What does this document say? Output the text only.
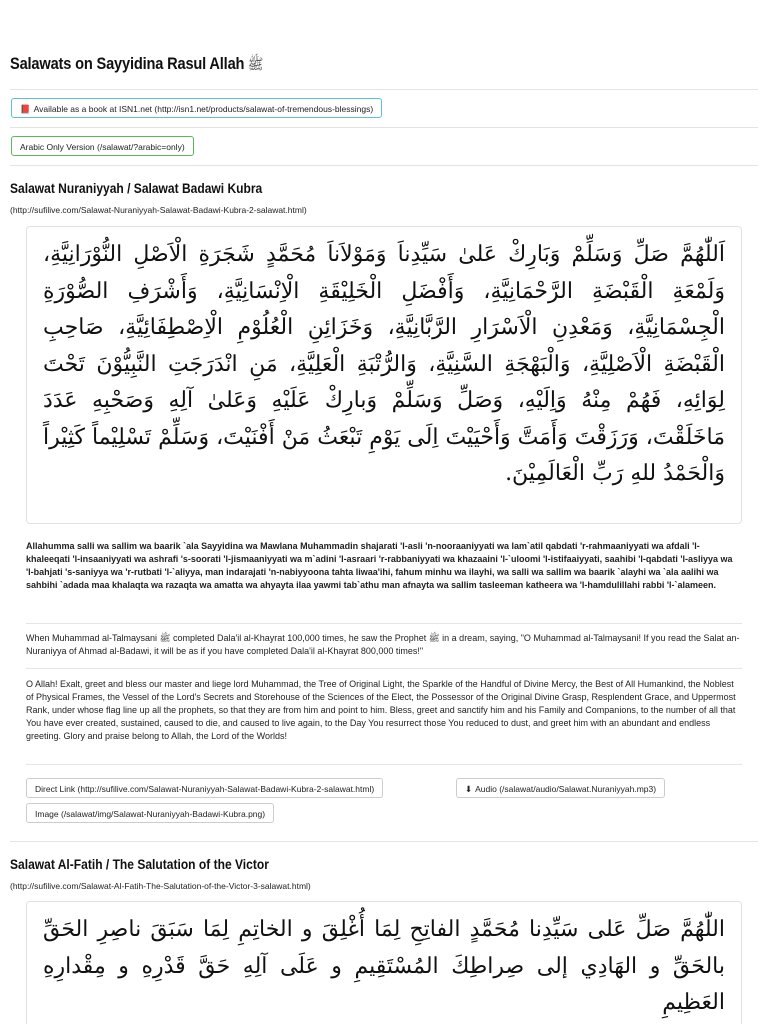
Salawats on Sayyidina Rasul Allah ﷺ
📕 Available as a book at ISN1.net (http://isn1.net/products/salawat-of-tremendous-blessings)
Arabic Only Version (/salawat/?arabic=only)
Salawat Nuraniyyah / Salawat Badawi Kubra
(http://sufilive.com/Salawat-Nuraniyyah-Salawat-Badawi-Kubra-2-salawat.html)
اَللّٰهُمَّ صَلِّ وَسَلِّمْ وَبَارِكْ عَلىٰ سَيِّدِناَ وَمَوْلاَناَ مُحَمَّدٍ شَجَرَةِ الْاَصْلِ النُّوْرَانِيَّةِ، وَلَمْعَةِ الْقَبْضَةِ الرَّحْمَانِيَّةِ، وَأَفْضَلِ الْخَلِيْقَةِ الْاِنْسَانِيَّةِ، وَأَشْرَفِ الصُّوْرَةِ الْجِسْمَانِيَّةِ، وَمَعْدِنِ الْاَسْرَارِ الرَّبَّانِيَّةِ، وَخَزَائِنِ الْعُلُوْمِ الْاِصْطِفَائِيَّةِ، صَاحِبِ الْقَبْضَةِ الْاَصْلِيَّةِ، وَالْبَهْجَةِ السَّنِيَّةِ، وَالرُّتْبَةِ الْعَلِيَّةِ، مَنِ انْدَرَجَتِ النَّبِيُّوْنَ تَحْتَ لِوَائِهِ، فَهُمْ مِنْهُ وَاِلَيْهِ، وَصَلِّ وَسَلِّمْ وَبارِكْ عَلَيْهِ وَعَلىٰ آلِهِ وَصَحْبِهِ عَدَدَ مَاخَلَقْتَ، وَرَزَقْتَ وَأَمَتَّ وَأَحْيَيْتَ اِلَى يَوْمِ تَبْعَثُ مَنْ أَفْنَيْتَ، وَسَلِّمْ تَسْلِيْماً كَثِيْراً وَالْحَمْدُ للهِ رَبِّ الْعَالَمِيْنَ.
Allahumma salli wa sallim wa baarik `ala Sayyidina wa Mawlana Muhammadin shajarati 'l-asli 'n-nooraaniyyati wa lam`atil qabdati 'r-rahmaaniyyati wa afdali 'l-khaleeqati 'l-insaaniyyati wa ashrafi 's-soorati 'l-jismaaniyyati wa m`adini 'l-asraari 'r-rabbaniyyati wa khazaaini 'l-`uloomi 'l-istifaaiyyati, saahibi 'l-qabdati 'l-asliyya wa 'l-bahjati 's-saniyya wa 'r-rutbati 'l-`aliyya, man indarajati 'n-nabiyyoona tahta liwaa'ihi, fahum minhu wa ilayhi, wa salli wa sallim wa baarik `alayhi wa `ala aalihi wa sahbihi `adada maa khalaqta wa razaqta wa amatta wa ahyayta ilaa yawmi tab`athu man afnayta wa sallim tasleeman katheera wa 'l-hamdulillahi rabbi 'l-`alameen.
When Muhammad al-Talmaysani ﷺ completed Dala'il al-Khayrat 100,000 times, he saw the Prophet ﷺ in a dream, saying, "O Muhammad al-Talmaysani! If you read the Salat an-Nuraniyya of Ahmad al-Badawi, it will be as if you have completed Dala'il al-Khayrat 800,000 times!"
O Allah! Exalt, greet and bless our master and liege lord Muhammad, the Tree of Original Light, the Sparkle of the Handful of Divine Mercy, the Best of All Humankind, the Noblest of Physical Frames, the Vessel of the Lord's Secrets and Storehouse of the Sciences of the Elect, the Possessor of the Original Divine Grasp, Resplendent Grace, and Uppermost Rank, under whose flag line up all the prophets, so that they are from him and point to him. Bless, greet and sanctify him and his Family and Companions, to the number of all that You have ever created, sustained, caused to die, and caused to live again, to the Day You resurrect those You reduced to dust, and greet him with an abundant and endless greeting. Glory and praise belong to Allah, the Lord of the Worlds!
Direct Link (http://sufilive.com/Salawat-Nuraniyyah-Salawat-Badawi-Kubra-2-salawat.html)	⬇ Audio (/salawat/audio/Salawat.Nuraniyyah.mp3)
Image (/salawat/img/Salawat-Nuraniyyah-Badawi-Kubra.png)
Salawat Al-Fatih / The Salutation of the Victor
(http://sufilive.com/Salawat-Al-Fatih-The-Salutation-of-the-Victor-3-salawat.html)
اللّٰهُمَّ صَلِّ عَلى سَيِّدِنا مُحَمَّدٍ الفاتِحِ لِمَا أُغْلِقَ و الخاتِمِ لِمَا سَبَقَ ناصِرِ الحَقِّ بالحَقِّ و الهَادِي إلى صِراطِكَ المُسْتَقِيمِ و عَلَى آلِهِ حَقَّ قَدْرِهِ و مِقْدارِهِ العَظِيمِ
